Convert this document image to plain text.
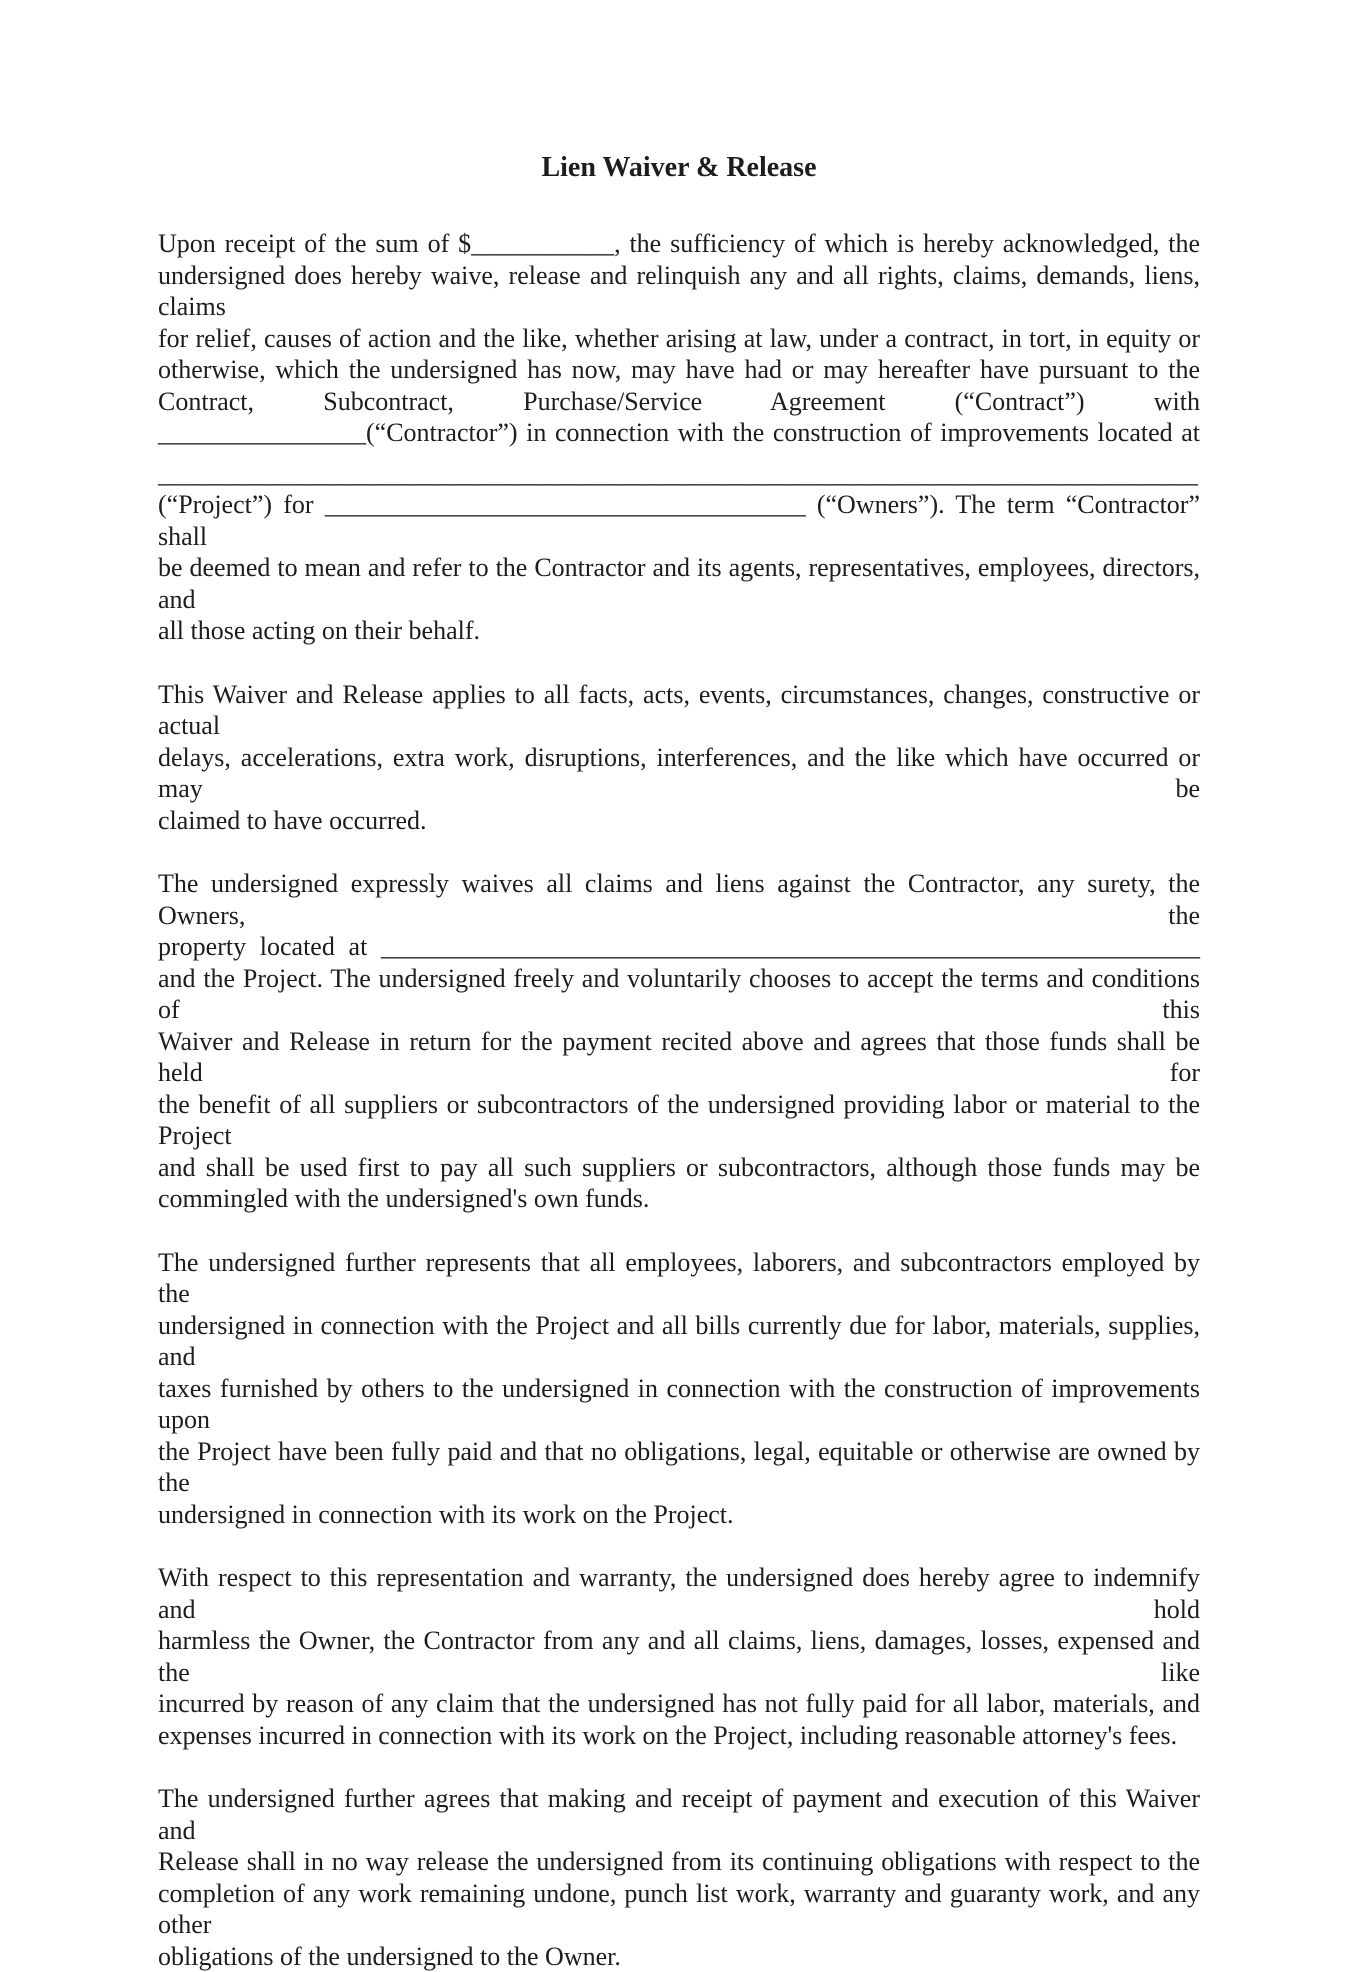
Lien Waiver & Release
Upon receipt of the sum of $___________, the sufficiency of which is hereby acknowledged, the
undersigned does hereby waive, release and relinquish any and all rights, claims, demands, liens, claims
for relief, causes of action and the like, whether arising at law, under a contract, in tort, in equity or
otherwise, which the undersigned has now, may have had or may hereafter have pursuant to the
Contract, Subcontract, Purchase/Service Agreement (“Contract”) with
________________(“Contractor”) in connection with the construction of improvements located at
________________________________________________________________________________
(“Project”) for _____________________________________ (“Owners”). The term “Contractor” shall
be deemed to mean and refer to the Contractor and its agents, representatives, employees, directors, and
all those acting on their behalf.
This Waiver and Release applies to all facts, acts, events, circumstances, changes, constructive or actual
delays, accelerations, extra work, disruptions, interferences, and the like which have occurred or may be
claimed to have occurred.
The undersigned expressly waives all claims and liens against the Contractor, any surety, the Owners, the
property located at _______________________________________________________________
and the Project. The undersigned freely and voluntarily chooses to accept the terms and conditions of this
Waiver and Release in return for the payment recited above and agrees that those funds shall be held for
the benefit of all suppliers or subcontractors of the undersigned providing labor or material to the Project
and shall be used first to pay all such suppliers or subcontractors, although those funds may be
commingled with the undersigned's own funds.
The undersigned further represents that all employees, laborers, and subcontractors employed by the
undersigned in connection with the Project and all bills currently due for labor, materials, supplies, and
taxes furnished by others to the undersigned in connection with the construction of improvements upon
the Project have been fully paid and that no obligations, legal, equitable or otherwise are owned by the
undersigned in connection with its work on the Project.
With respect to this representation and warranty, the undersigned does hereby agree to indemnify and hold
harmless the Owner, the Contractor from any and all claims, liens, damages, losses, expensed and the like
incurred by reason of any claim that the undersigned has not fully paid for all labor, materials, and
expenses incurred in connection with its work on the Project, including reasonable attorney's fees.
The undersigned further agrees that making and receipt of payment and execution of this Waiver and
Release shall in no way release the undersigned from its continuing obligations with respect to the
completion of any work remaining undone, punch list work, warranty and guaranty work, and any other
obligations of the undersigned to the Owner.
